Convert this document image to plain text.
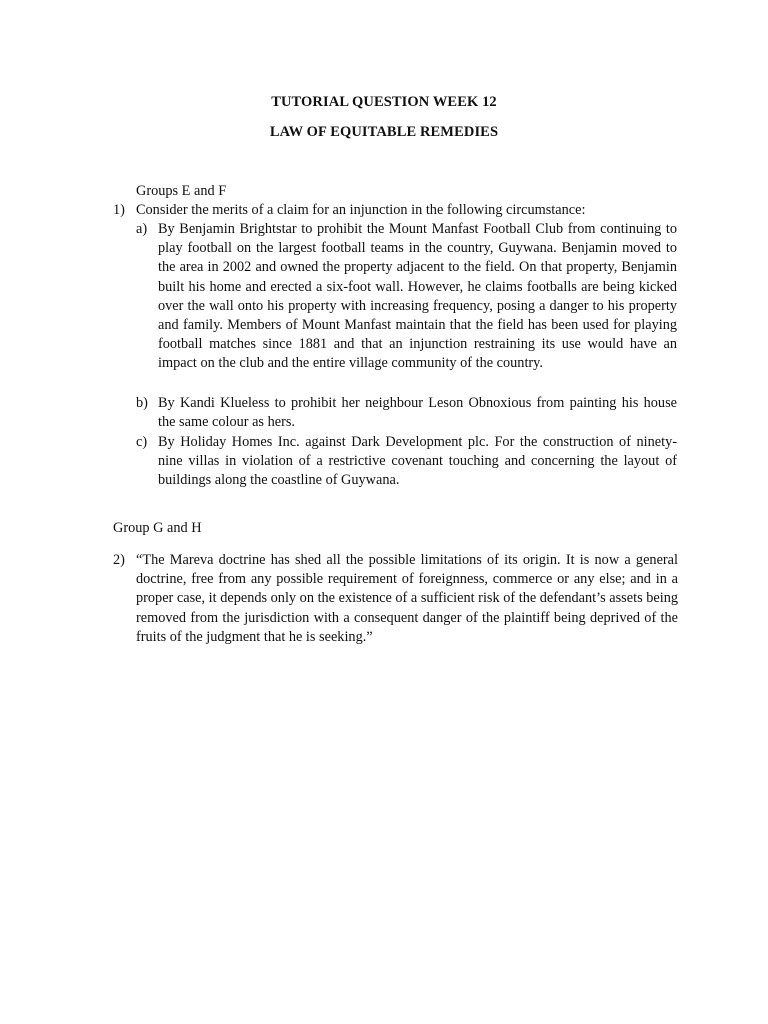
TUTORIAL QUESTION WEEK 12
LAW OF EQUITABLE REMEDIES
Groups E and F
1) Consider the merits of a claim for an injunction in the following circumstance:
a) By Benjamin Brightstar to prohibit the Mount Manfast Football Club from continuing to play football on the largest football teams in the country, Guywana. Benjamin moved to the area in 2002 and owned the property adjacent to the field. On that property, Benjamin built his home and erected a six-foot wall. However, he claims footballs are being kicked over the wall onto his property with increasing frequency, posing a danger to his property and family. Members of Mount Manfast maintain that the field has been used for playing football matches since 1881 and that an injunction restraining its use would have an impact on the club and the entire village community of the country.
b) By Kandi Klueless to prohibit her neighbour Leson Obnoxious from painting his house the same colour as hers.
c) By Holiday Homes Inc. against Dark Development plc. For the construction of ninety-nine villas in violation of a restrictive covenant touching and concerning the layout of buildings along the coastline of Guywana.
Group G and H
2) “The Mareva doctrine has shed all the possible limitations of its origin. It is now a general doctrine, free from any possible requirement of foreignness, commerce or any else; and in a proper case, it depends only on the existence of a sufficient risk of the defendant’s assets being removed from the jurisdiction with a consequent danger of the plaintiff being deprived of the fruits of the judgment that he is seeking.”
